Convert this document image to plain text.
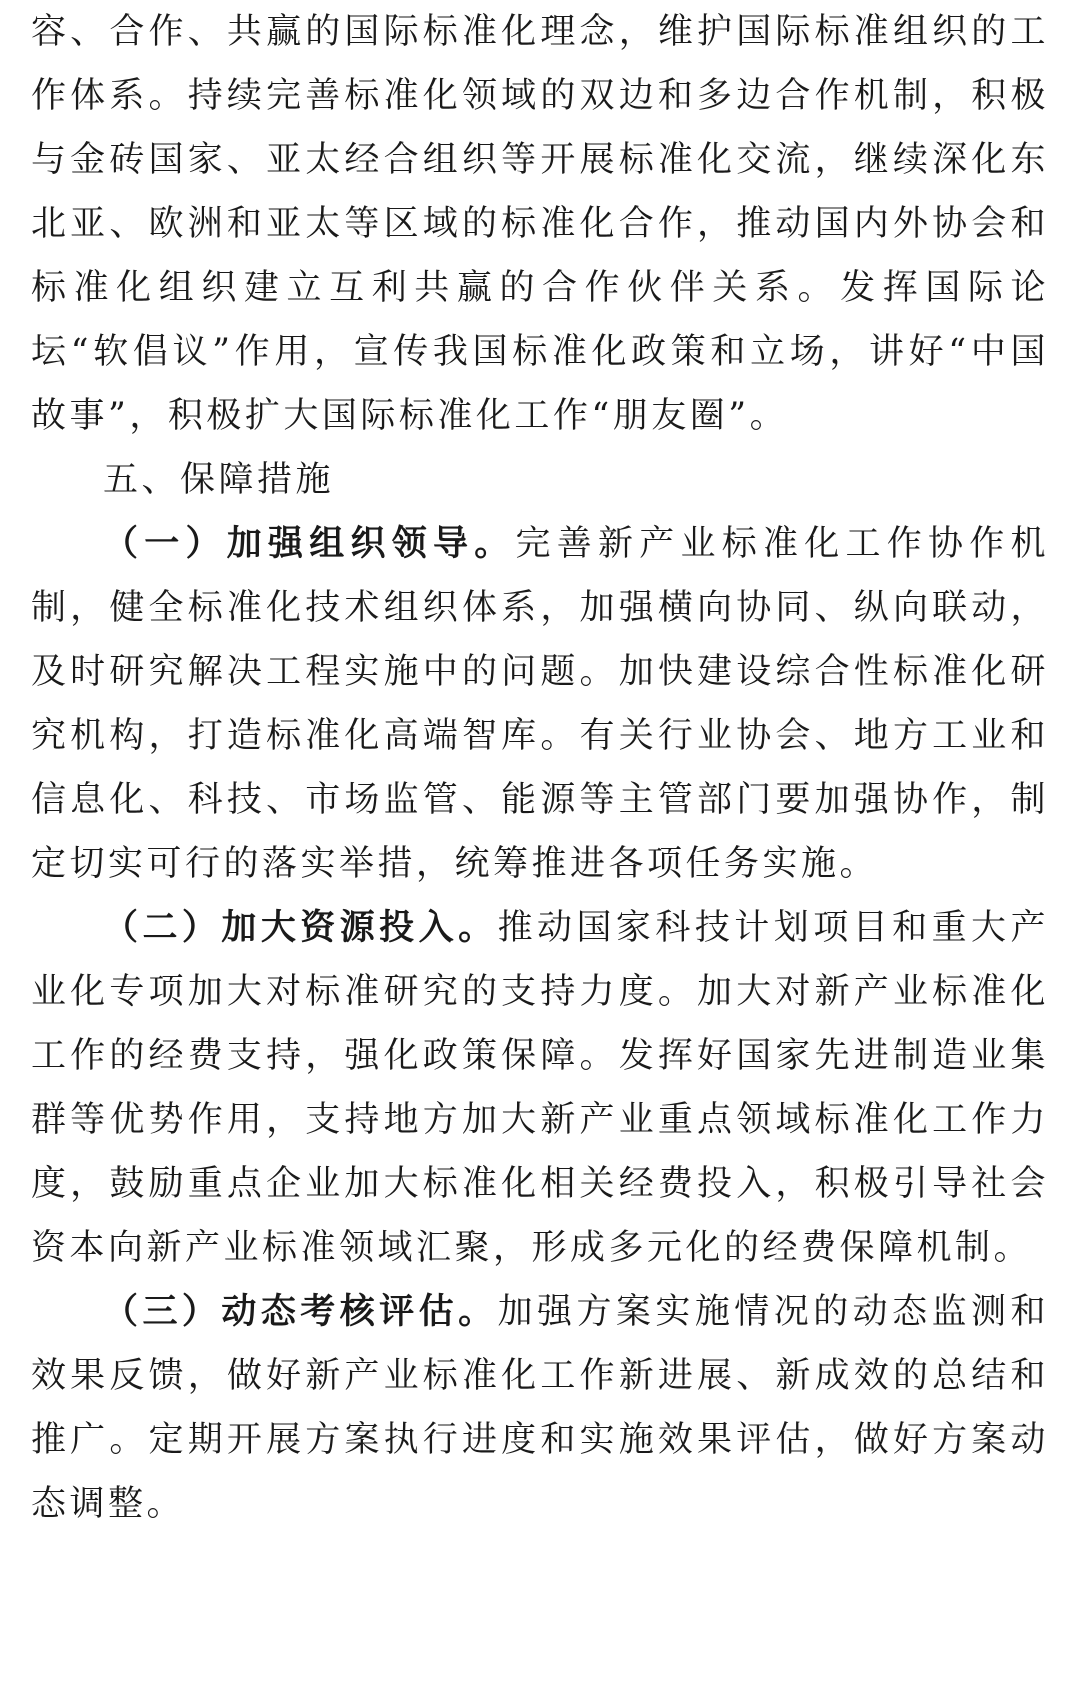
容、合作、共赢的国际标准化理念，维护国际标准组织的工作体系。持续完善标准化领域的双边和多边合作机制，积极与金砖国家、亚太经合组织等开展标准化交流，继续深化东北亚、欧洲和亚太等区域的标准化合作，推动国内外协会和标准化组织建立互利共赢的合作伙伴关系。发挥国际论坛“软倡议”作用，宣传我国标准化政策和立场，讲好“中国故事”，积极扩大国际标准化工作“朋友圈”。

五、保障措施

（一）加强组织领导。完善新产业标准化工作协作机制，健全标准化技术组织体系，加强横向协同、纵向联动，及时研究解决工程实施中的问题。加快建设综合性标准化研究机构，打造标准化高端智库。有关行业协会、地方工业和信息化、科技、市场监管、能源等主管部门要加强协作，制定切实可行的落实举措，统筹推进各项任务实施。

（二）加大资源投入。推动国家科技计划项目和重大产业化专项加大对标准研究的支持力度。加大对新产业标准化工作的经费支持，强化政策保障。发挥好国家先进制造业集群等优势作用，支持地方加大新产业重点领域标准化工作力度，鼓励重点企业加大标准化相关经费投入，积极引导社会资本向新产业标准领域汇聚，形成多元化的经费保障机制。

（三）动态考核评估。加强方案实施情况的动态监测和效果反馈，做好新产业标准化工作新进展、新成效的总结和推广。定期开展方案执行进度和实施效果评估，做好方案动态调整。
